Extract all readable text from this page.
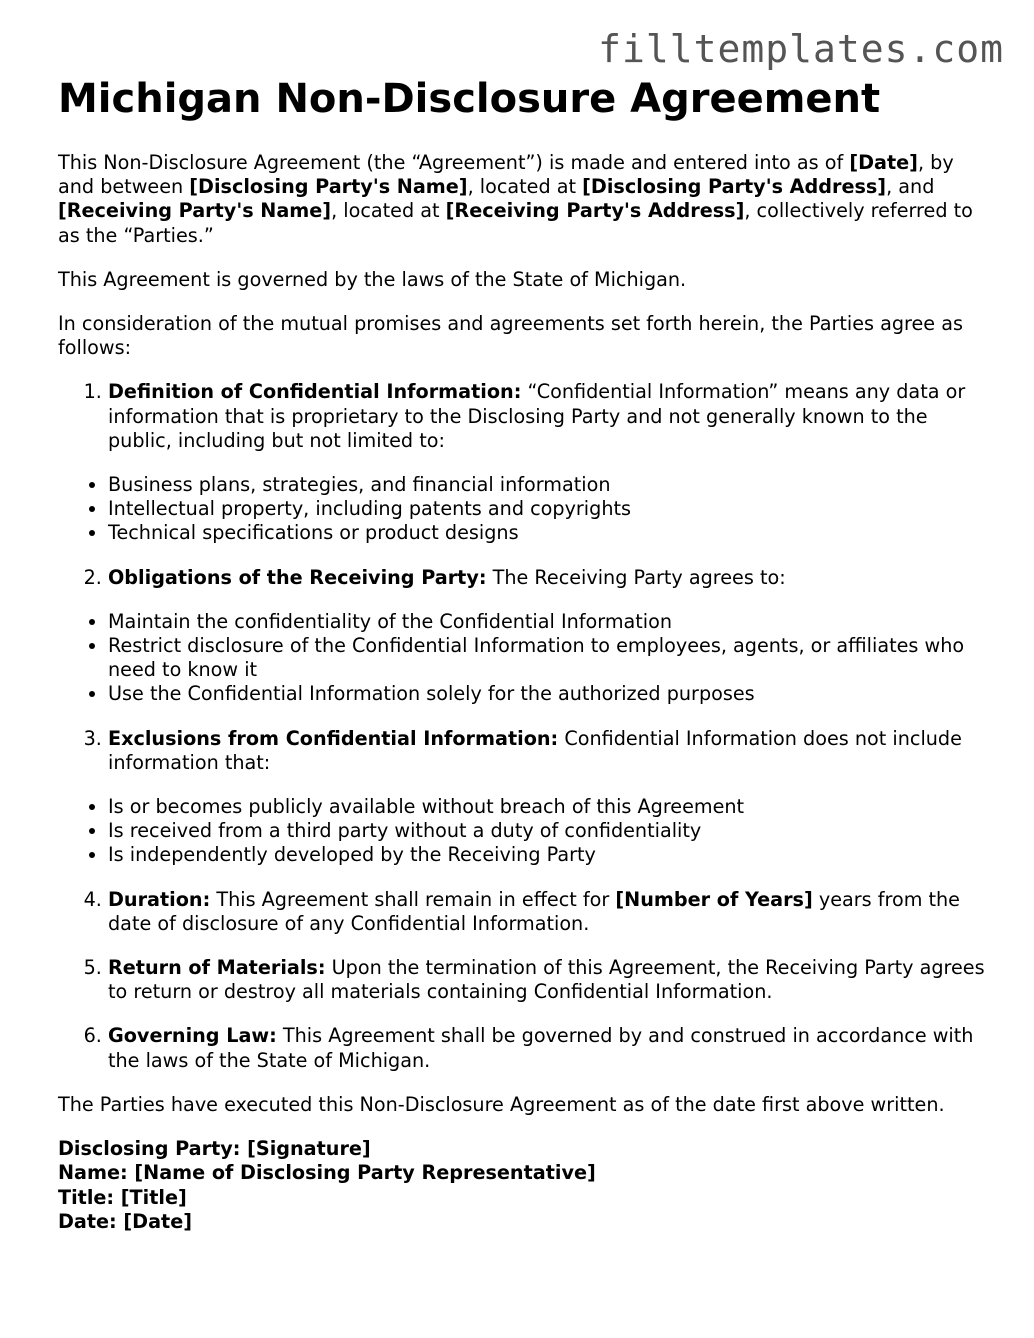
filltemplates.com
Michigan Non-Disclosure Agreement

This Non-Disclosure Agreement (the “Agreement”) is made and entered into as of [Date], by and between [Disclosing Party's Name], located at [Disclosing Party's Address], and [Receiving Party's Name], located at [Receiving Party's Address], collectively referred to as the “Parties.”

This Agreement is governed by the laws of the State of Michigan.

In consideration of the mutual promises and agreements set forth herein, the Parties agree as follows:

1. Definition of Confidential Information: “Confidential Information” means any data or information that is proprietary to the Disclosing Party and not generally known to the public, including but not limited to:
• Business plans, strategies, and financial information
• Intellectual property, including patents and copyrights
• Technical specifications or product designs
2. Obligations of the Receiving Party: The Receiving Party agrees to:
• Maintain the confidentiality of the Confidential Information
• Restrict disclosure of the Confidential Information to employees, agents, or affiliates who need to know it
• Use the Confidential Information solely for the authorized purposes
3. Exclusions from Confidential Information: Confidential Information does not include information that:
• Is or becomes publicly available without breach of this Agreement
• Is received from a third party without a duty of confidentiality
• Is independently developed by the Receiving Party
4. Duration: This Agreement shall remain in effect for [Number of Years] years from the date of disclosure of any Confidential Information.
5. Return of Materials: Upon the termination of this Agreement, the Receiving Party agrees to return or destroy all materials containing Confidential Information.
6. Governing Law: This Agreement shall be governed by and construed in accordance with the laws of the State of Michigan.

The Parties have executed this Non-Disclosure Agreement as of the date first above written.

Disclosing Party: [Signature]
Name: [Name of Disclosing Party Representative]
Title: [Title]
Date: [Date]
